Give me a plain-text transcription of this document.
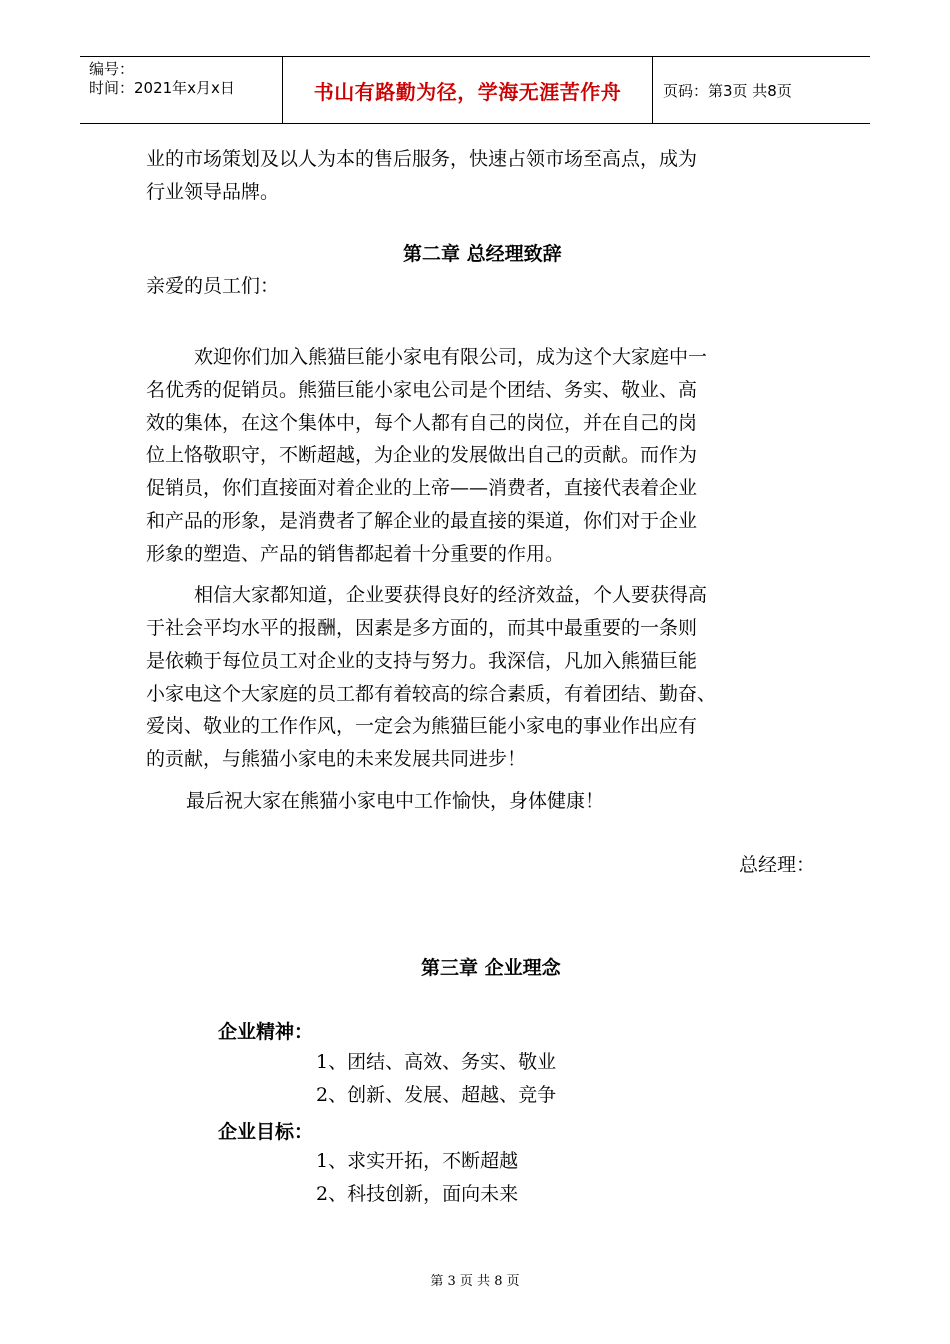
编号：
时间：2021年x月x日	书山有路勤为径，学海无涯苦作舟	页码：第3页 共8页
业的市场策划及以人为本的售后服务，快速占领市场至高点，成为
行业领导品牌。
第二章 总经理致辞
亲爱的员工们：
欢迎你们加入熊猫巨能小家电有限公司，成为这个大家庭中一
名优秀的促销员。熊猫巨能小家电公司是个团结、务实、敬业、高
效的集体，在这个集体中，每个人都有自己的岗位，并在自己的岗
位上恪敬职守，不断超越，为企业的发展做出自己的贡献。而作为
促销员，你们直接面对着企业的上帝——消费者，直接代表着企业
和产品的形象，是消费者了解企业的最直接的渠道，你们对于企业
形象的塑造、产品的销售都起着十分重要的作用。
相信大家都知道，企业要获得良好的经济效益，个人要获得高
于社会平均水平的报酬，因素是多方面的，而其中最重要的一条则
是依赖于每位员工对企业的支持与努力。我深信，凡加入熊猫巨能
小家电这个大家庭的员工都有着较高的综合素质，有着团结、勤奋、
爱岗、敬业的工作作风，一定会为熊猫巨能小家电的事业作出应有
的贡献，与熊猫小家电的未来发展共同进步！
最后祝大家在熊猫小家电中工作愉快，身体健康！
总经理：
第三章 企业理念
企业精神：
1、团结、高效、务实、敬业
2、创新、发展、超越、竞争
企业目标：
1、求实开拓，不断超越
2、科技创新，面向未来
第 3 页 共 8 页
